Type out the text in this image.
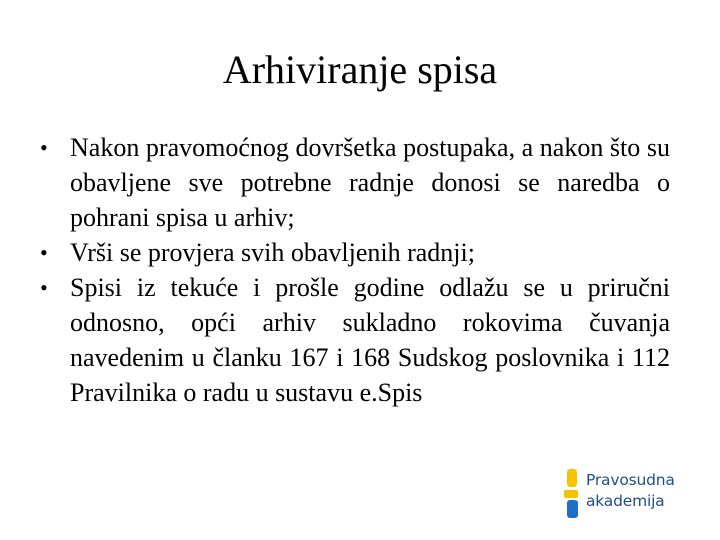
Arhiviranje spisa
• Nakon pravomoćnog dovršetka postupaka, a nakon što su obavljene sve potrebne radnje donosi se naredba o pohrani spisa u arhiv;
• Vrši se provjera svih obavljenih radnji;
• Spisi iz tekuće i prošle godine odlažu se u priručni odnosno, opći arhiv sukladno rokovima čuvanja navedenim u članku 167 i 168 Sudskog poslovnika i 112 Pravilnika o radu u sustavu e.Spis
Pravosudna
akademija
